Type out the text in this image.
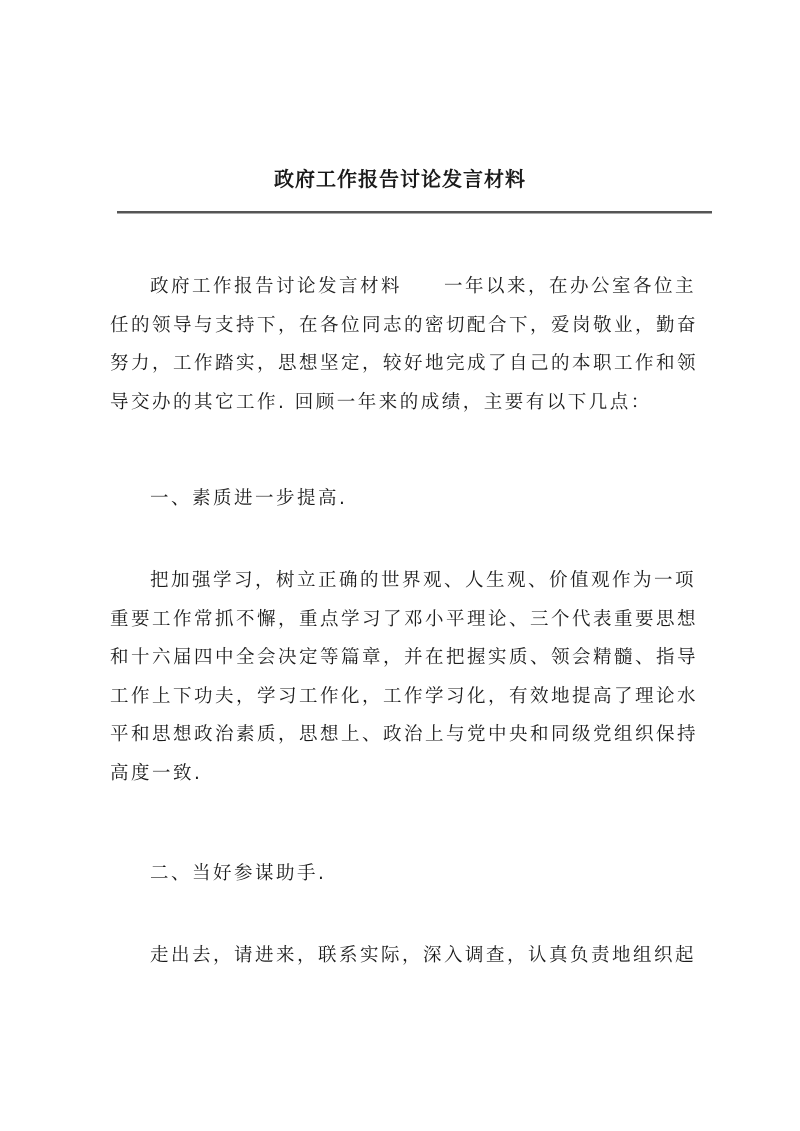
政府工作报告讨论发言材料

政府工作报告讨论发言材料　　一年以来，在办公室各位主任的领导与支持下，在各位同志的密切配合下，爱岗敬业，勤奋努力，工作踏实，思想坚定，较好地完成了自己的本职工作和领导交办的其它工作. 回顾一年来的成绩，主要有以下几点：

一、素质进一步提高.

把加强学习，树立正确的世界观、人生观、价值观作为一项重要工作常抓不懈，重点学习了邓小平理论、三个代表重要思想和十六届四中全会决定等篇章，并在把握实质、领会精髓、指导工作上下功夫，学习工作化，工作学习化，有效地提高了理论水平和思想政治素质，思想上、政治上与党中央和同级党组织保持高度一致.

二、当好参谋助手.

走出去，请进来，联系实际，深入调查，认真负责地组织起
